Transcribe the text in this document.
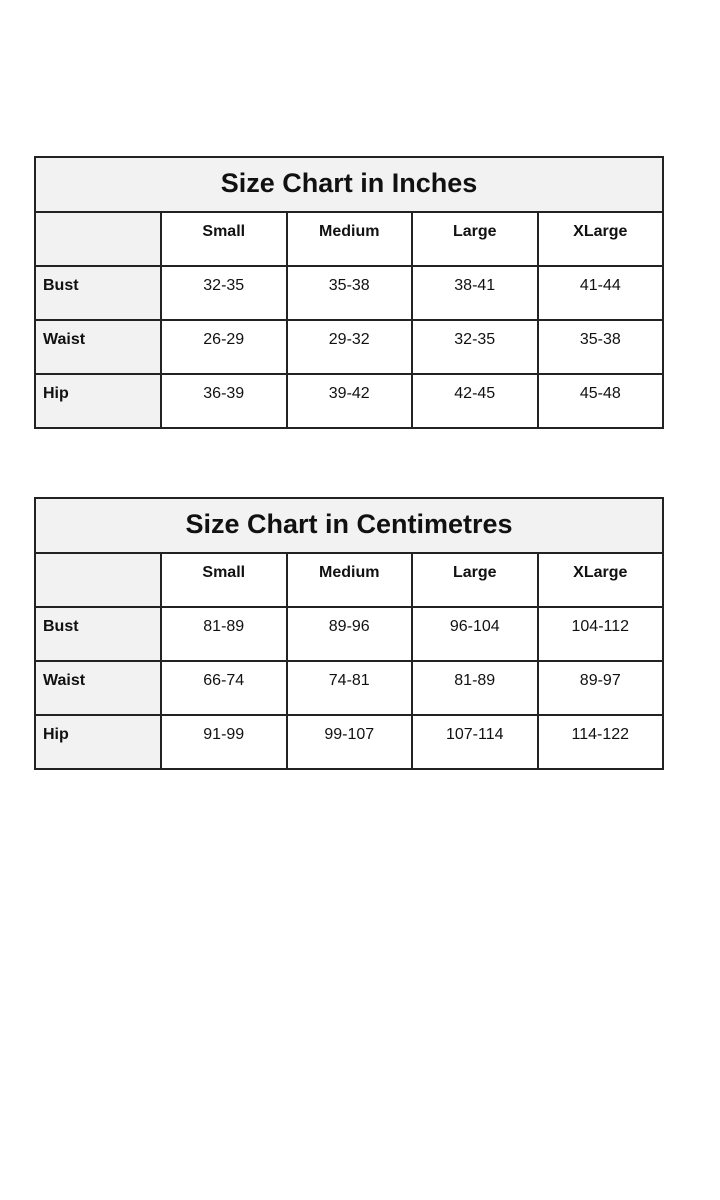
Size Chart in Inches				
	Small	Medium	Large	XLarge
Bust	32-35	35-38	38-41	41-44
Waist	26-29	29-32	32-35	35-38
Hip	36-39	39-42	42-45	45-48
Size Chart in Centimetres				
	Small	Medium	Large	XLarge
Bust	81-89	89-96	96-104	104-112
Waist	66-74	74-81	81-89	89-97
Hip	91-99	99-107	107-114	114-122
